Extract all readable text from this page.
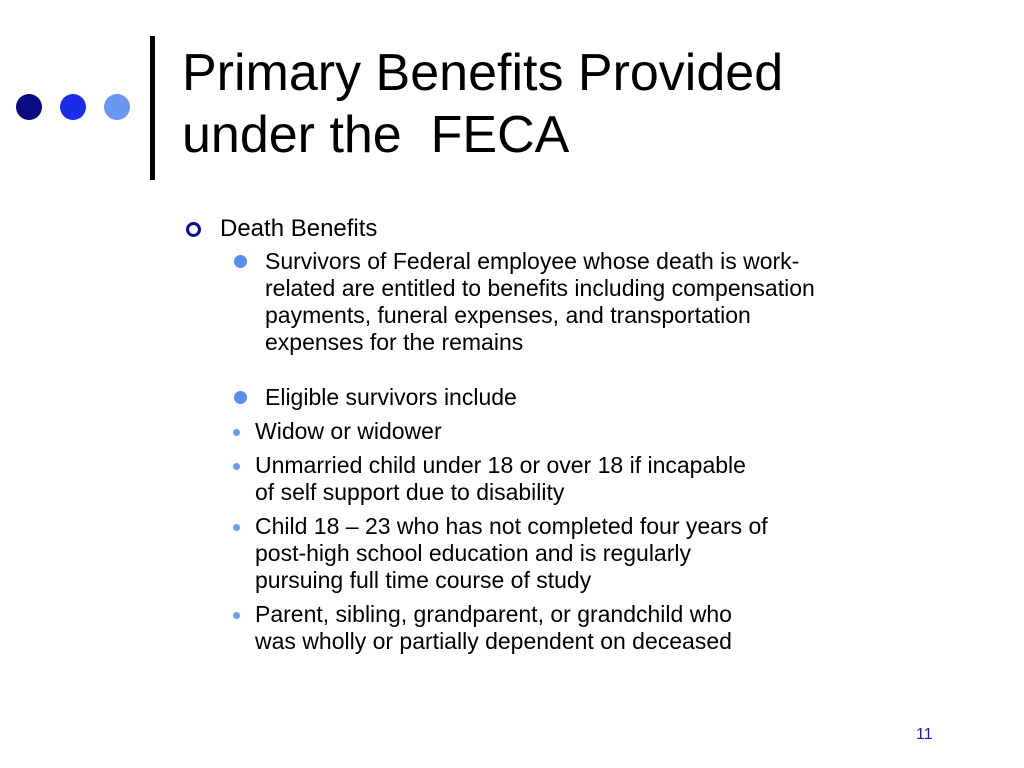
Primary Benefits Provided
under the  FECA
Death Benefits
Survivors of Federal employee whose death is work-
related are entitled to benefits including compensation
payments, funeral expenses, and transportation
expenses for the remains
Eligible survivors include
Widow or widower
Unmarried child under 18 or over 18 if incapable
of self support due to disability
Child 18 – 23 who has not completed four years of
post-high school education and is regularly
pursuing full time course of study
Parent, sibling, grandparent, or grandchild who
was wholly or partially dependent on deceased
11
